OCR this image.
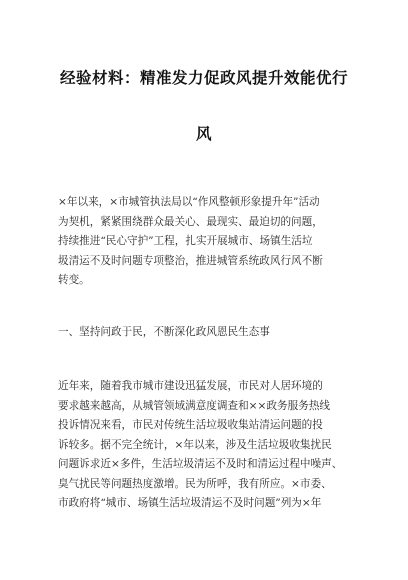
经验材料：精准发力促政风提升效能优行
风
×年以来，×市城管执法局以“作风整顿形象提升年”活动
为契机，紧紧围绕群众最关心、最现实、最迫切的问题，
持续推进“民心守护”工程，扎实开展城市、场镇生活垃
圾清运不及时问题专项整治，推进城管系统政风行风不断
转变。
一、坚持问政于民，不断深化政风恩民生态事
近年来，随着我市城市建设迅猛发展，市民对人居环境的
要求越来越高，从城管领域满意度调查和××政务服务热线
投诉情况来看，市民对传统生活垃圾收集站清运问题的投
诉较多。据不完全统计，×年以来，涉及生活垃圾收集扰民
问题诉求近×多件，生活垃圾清运不及时和清运过程中噪声、
臭气扰民等问题热度激增。民为所呼，我有所应。×市委、
市政府将“城市、场镇生活垃圾清运不及时问题”列为×年
